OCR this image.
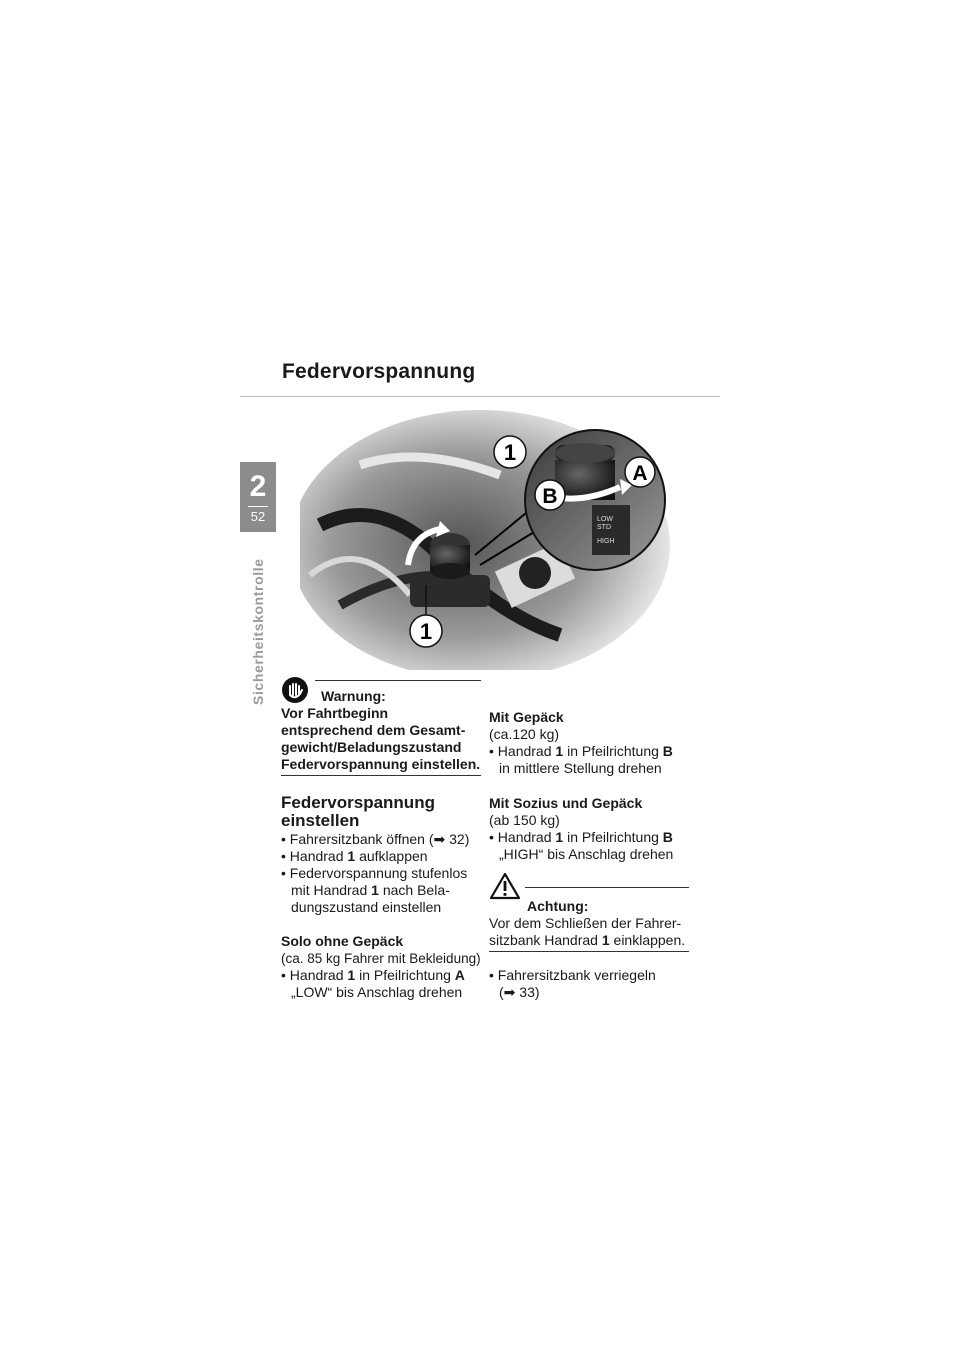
Federvorspannung
2
52
Sicherheitskontrolle
LOW
STD
HIGH
1
B
A
1
Warnung:
Vor Fahrtbeginn
entsprechend dem Gesamt-
gewicht/Beladungszustand
Federvorspannung einstellen.
Federvorspannung
einstellen
• Fahrersitzbank öffnen (➡ 32)
• Handrad 1 aufklappen
• Federvorspannung stufenlos
mit Handrad 1 nach Bela-
dungszustand einstellen
Solo ohne Gepäck
(ca. 85 kg Fahrer mit Bekleidung)
• Handrad 1 in Pfeilrichtung A
„LOW“ bis Anschlag drehen
Mit Gepäck
(ca.120 kg)
• Handrad 1 in Pfeilrichtung B
in mittlere Stellung drehen
Mit Sozius und Gepäck
(ab 150 kg)
• Handrad 1 in Pfeilrichtung B
„HIGH“ bis Anschlag drehen
Achtung:
Vor dem Schließen der Fahrer-
sitzbank Handrad 1 einklappen.
• Fahrersitzbank verriegeln
(➡ 33)
